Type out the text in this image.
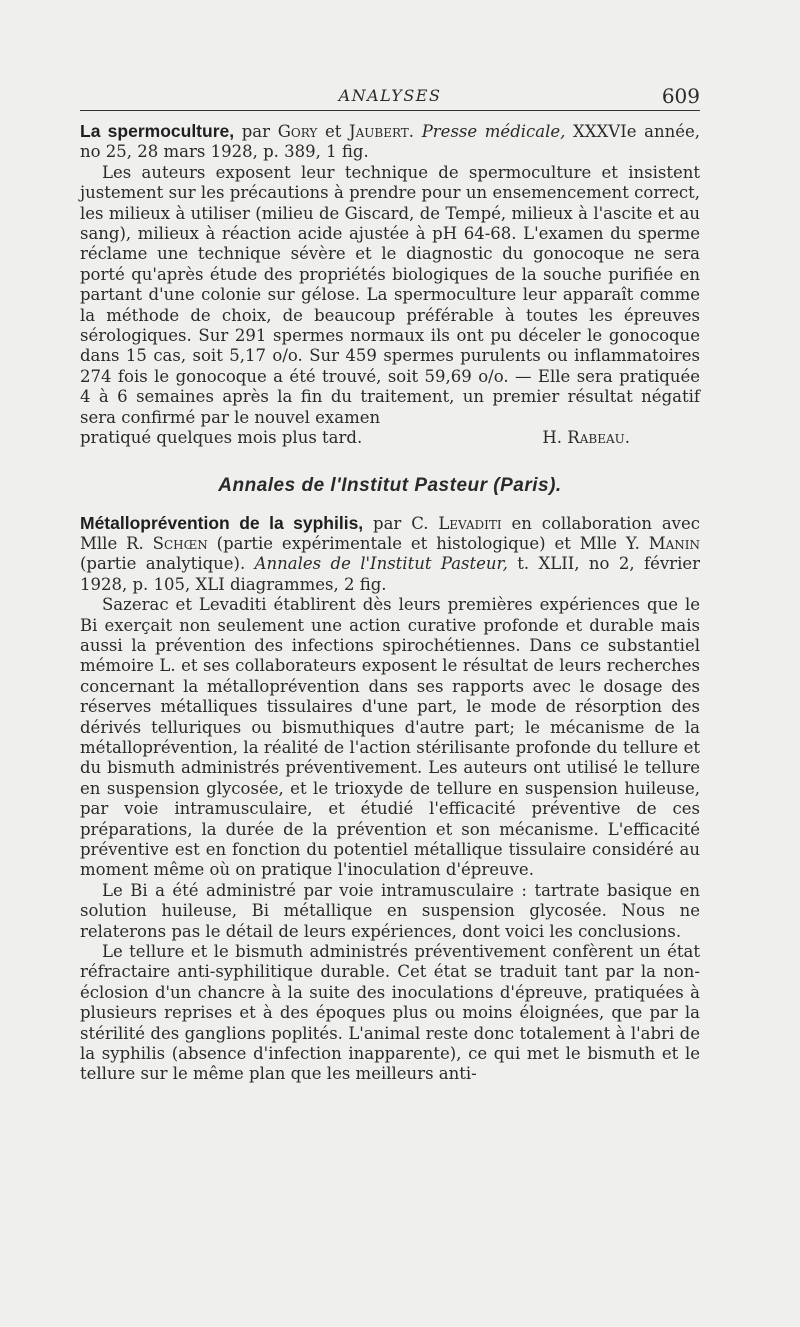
ANALYSES	609

La spermoculture, par Gory et Jaubert. Presse médicale, XXXVIe année, no 25, 28 mars 1928, p. 389, 1 fig.

Les auteurs exposent leur technique de spermoculture et insistent justement sur les précautions à prendre pour un ensemencement correct, les milieux à utiliser (milieu de Giscard, de Tempé, milieux à l'ascite et au sang), milieux à réaction acide ajustée à pH 64-68. L'examen du sperme réclame une technique sévère et le diagnostic du gonocoque ne sera porté qu'après étude des propriétés biologiques de la souche purifiée en partant d'une colonie sur gélose. La spermoculture leur apparaît comme la méthode de choix, de beaucoup préférable à toutes les épreuves sérologiques. Sur 291 spermes normaux ils ont pu déceler le gonocoque dans 15 cas, soit 5,17 o/o. Sur 459 spermes purulents ou inflammatoires 274 fois le gonocoque a été trouvé, soit 59,69 o/o. — Elle sera pratiquée 4 à 6 semaines après la fin du traitement, un premier résultat négatif sera confirmé par le nouvel examen

pratiqué quelques mois plus tard.	H. Rabeau.
Annales de l'Institut Pasteur (Paris).

Métalloprévention de la syphilis, par C. Levaditi en collaboration avec Mlle R. Schœn (partie expérimentale et histologique) et Mlle Y. Manin (partie analytique). Annales de l'Institut Pasteur, t. XLII, no 2, février 1928, p. 105, XLI diagrammes, 2 fig.

Sazerac et Levaditi établirent dès leurs premières expériences que le Bi exerçait non seulement une action curative profonde et durable mais aussi la prévention des infections spirochétiennes. Dans ce substantiel mémoire L. et ses collaborateurs exposent le résultat de leurs recherches concernant la métalloprévention dans ses rapports avec le dosage des réserves métalliques tissulaires d'une part, le mode de résorption des dérivés telluriques ou bismuthiques d'autre part; le mécanisme de la métalloprévention, la réalité de l'action stérilisante profonde du tellure et du bismuth administrés préventivement. Les auteurs ont utilisé le tellure en suspension glycosée, et le trioxyde de tellure en suspension huileuse, par voie intramusculaire, et étudié l'efficacité préventive de ces préparations, la durée de la prévention et son mécanisme. L'efficacité préventive est en fonction du potentiel métallique tissulaire considéré au moment même où on pratique l'inoculation d'épreuve.

Le Bi a été administré par voie intramusculaire : tartrate basique en solution huileuse, Bi métallique en suspension glycosée. Nous ne relaterons pas le détail de leurs expériences, dont voici les conclusions.

Le tellure et le bismuth administrés préventivement confèrent un état réfractaire anti-syphilitique durable. Cet état se traduit tant par la non-éclosion d'un chancre à la suite des inoculations d'épreuve, pratiquées à plusieurs reprises et à des époques plus ou moins éloignées, que par la stérilité des ganglions poplités. L'animal reste donc totalement à l'abri de la syphilis (absence d'infection inapparente), ce qui met le bismuth et le tellure sur le même plan que les meilleurs anti-
